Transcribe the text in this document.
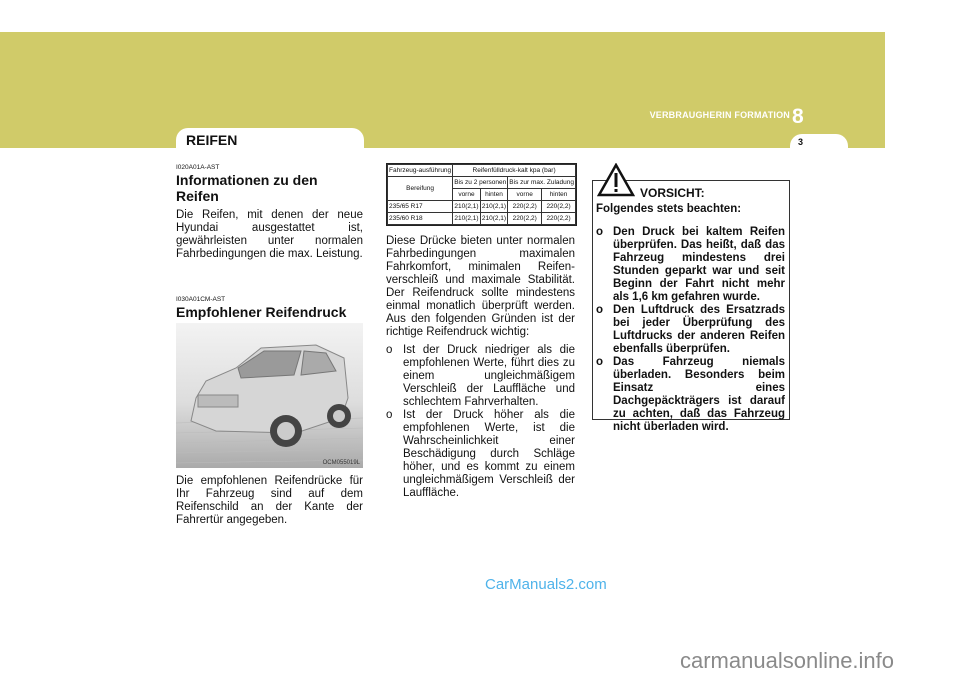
VERBRAUGHERIN FORMATION 8
REIFEN	3
I020A01A-AST
Informationen zu den Reifen
Die Reifen, mit denen der neue Hyundai ausgestattet ist, gewährleisten unter normalen Fahrbedingungen die max. Leistung.
I030A01CM-AST
Empfohlener Reifendruck
OCM055019L
Die empfohlenen Reifendrücke für Ihr Fahrzeug sind auf dem Reifenschild an der Kante der Fahrertür angegeben.
Fahrzeug-ausführung	Reifenfülldruck-kalt kpa (bar)			
Bereifung	Bis zu 2 personen		Bis zur max. Zuladung	
	vorne	hinten	vorne	hinten
235/65 R17	210(2,1)	210(2,1)	220(2,2)	220(2,2)
235/60 R18	210(2,1)	210(2,1)	220(2,2)	220(2,2)
Diese Drücke bieten unter normalen Fahrbedingungen maximalen Fahrkomfort, minimalen Reifen-verschleiß und maximale Stabilität. Der Reifendruck sollte mindestens einmal monatlich überprüft werden. Aus den folgenden Gründen ist der richtige Reifendruck wichtig:
o Ist der Druck niedriger als die empfohlenen Werte, führt dies zu einem ungleichmäßigem Verschleiß der Lauffläche und schlechtem Fahrverhalten.
o Ist der Druck höher als die empfohlenen Werte, ist die Wahrscheinlichkeit einer Beschädigung durch Schläge höher, und es kommt zu einem ungleichmäßigem Verschleiß der Lauffläche.
VORSICHT:
Folgendes stets beachten:
o Den Druck bei kaltem Reifen überprüfen. Das heißt, daß das Fahrzeug mindestens drei Stunden geparkt war und seit Beginn der Fahrt nicht mehr als 1,6 km gefahren wurde.
o Den Luftdruck des Ersatzrads bei jeder Überprüfung des Luftdrucks der anderen Reifen ebenfalls überprüfen.
o Das Fahrzeug niemals überladen. Besonders beim Einsatz eines Dachgepäckträgers ist darauf zu achten, daß das Fahrzeug nicht überladen wird.
CarManuals2.com
carmanualsonline.info
